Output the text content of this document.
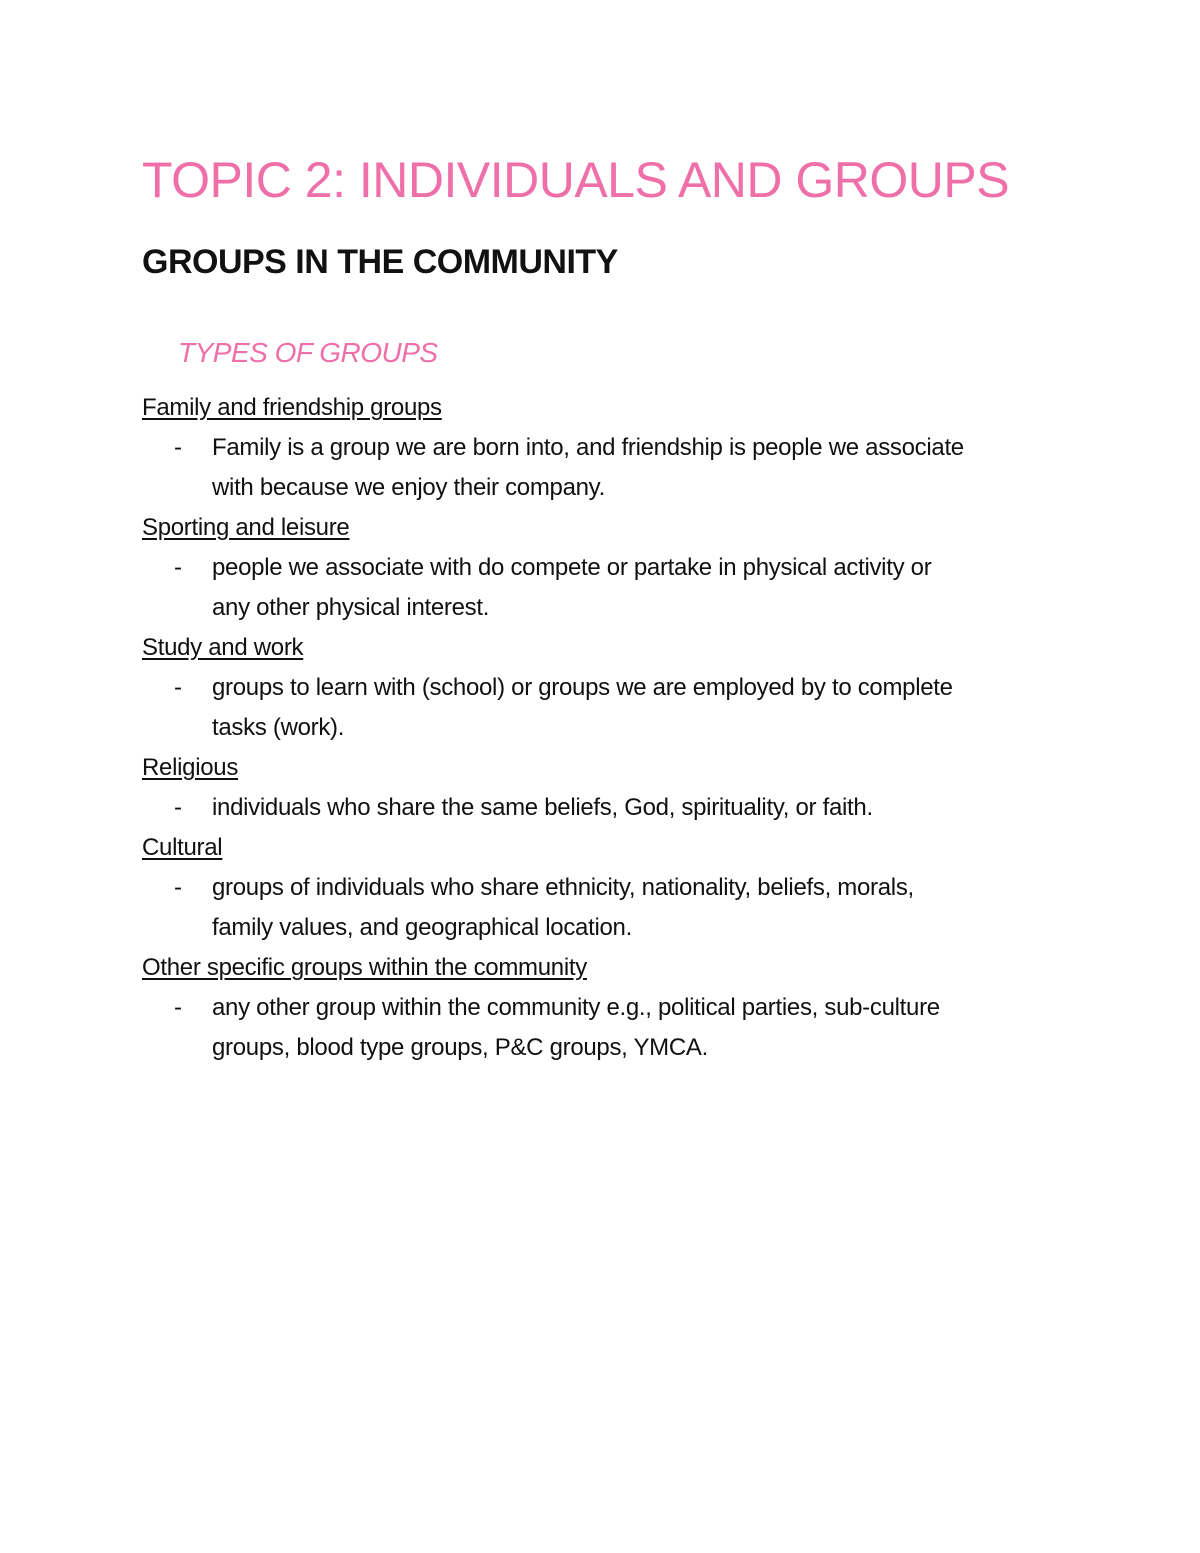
TOPIC 2: INDIVIDUALS AND GROUPS
GROUPS IN THE COMMUNITY
TYPES OF GROUPS
Family and friendship groups
-	Family is a group we are born into, and friendship is people we associate
with because we enjoy their company.
Sporting and leisure
-	people we associate with do compete or partake in physical activity or
any other physical interest.
Study and work
-	groups to learn with (school) or groups we are employed by to complete
tasks (work).
Religious
-	individuals who share the same beliefs, God, spirituality, or faith.
Cultural
-	groups of individuals who share ethnicity, nationality, beliefs, morals,
family values, and geographical location.
Other specific groups within the community
-	any other group within the community e.g., political parties, sub-culture
groups, blood type groups, P&C groups, YMCA.
